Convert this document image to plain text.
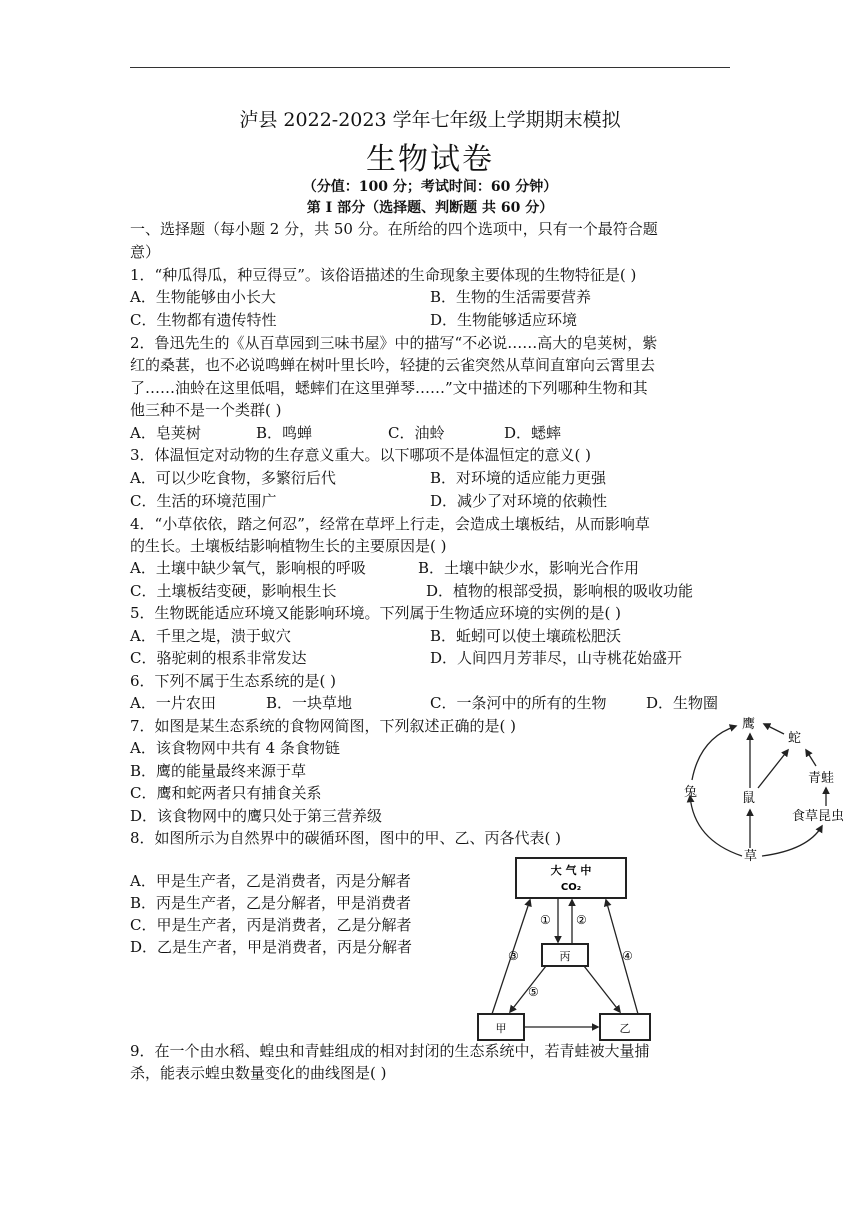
泸县 2022-2023 学年七年级上学期期末模拟
生物试卷
（分值：100 分；考试时间：60 分钟）
第 I 部分（选择题、判断题 共 60 分）
一、选择题（每小题 2 分，共 50 分。在所给的四个选项中，只有一个最符合题
意）
1．“种瓜得瓜，种豆得豆”。该俗语描述的生命现象主要体现的生物特征是( )
A．生物能够由小长大	B．生物的生活需要营养
C．生物都有遗传特性	D．生物能够适应环境
2．鲁迅先生的《从百草园到三味书屋》中的描写“不必说……高大的皂荚树，紫
红的桑葚，也不必说鸣蝉在树叶里长吟，轻捷的云雀突然从草间直窜向云霄里去
了……油蛉在这里低唱，蟋蟀们在这里弹琴……”文中描述的下列哪种生物和其
他三种不是一个类群( )
A．皂荚树	B．鸣蝉	C．油蛉	D．蟋蟀
3．体温恒定对动物的生存意义重大。以下哪项不是体温恒定的意义( )
A．可以少吃食物，多繁衍后代	B．对环境的适应能力更强
C．生活的环境范围广	D．减少了对环境的依赖性
4．“小草依依，踏之何忍”，经常在草坪上行走，会造成土壤板结，从而影响草
的生长。土壤板结影响植物生长的主要原因是( )
A．土壤中缺少氧气，影响根的呼吸	B．土壤中缺少水，影响光合作用
C．土壤板结变硬，影响根生长	D．植物的根部受损，影响根的吸收功能
5．生物既能适应环境又能影响环境。下列属于生物适应环境的实例的是( )
A．千里之堤，溃于蚁穴	B．蚯蚓可以使土壤疏松肥沃
C．骆驼刺的根系非常发达	D．人间四月芳菲尽，山寺桃花始盛开
6．下列不属于生态系统的是( )
A．一片农田	B．一块草地	C．一条河中的所有的生物	D．生物圈
7．如图是某生态系统的食物网简图，下列叙述正确的是( )
A．该食物网中共有 4 条食物链
B．鹰的能量最终来源于草
C．鹰和蛇两者只有捕食关系
D．该食物网中的鹰只处于第三营养级
鹰
蛇
青蛙
食草昆虫
草
兔	鼠
8．如图所示为自然界中的碳循环图，图中的甲、乙、丙各代表( )
A．甲是生产者，乙是消费者，丙是分解者
B．丙是生产者，乙是分解者，甲是消费者
C．甲是生产者，丙是消费者，乙是分解者
D．乙是生产者，甲是消费者，丙是分解者
大 气 中
CO₂
丙
甲	乙
① ②
③	④
⑤
9．在一个由水稻、蝗虫和青蛙组成的相对封闭的生态系统中，若青蛙被大量捕
杀，能表示蝗虫数量变化的曲线图是( )
